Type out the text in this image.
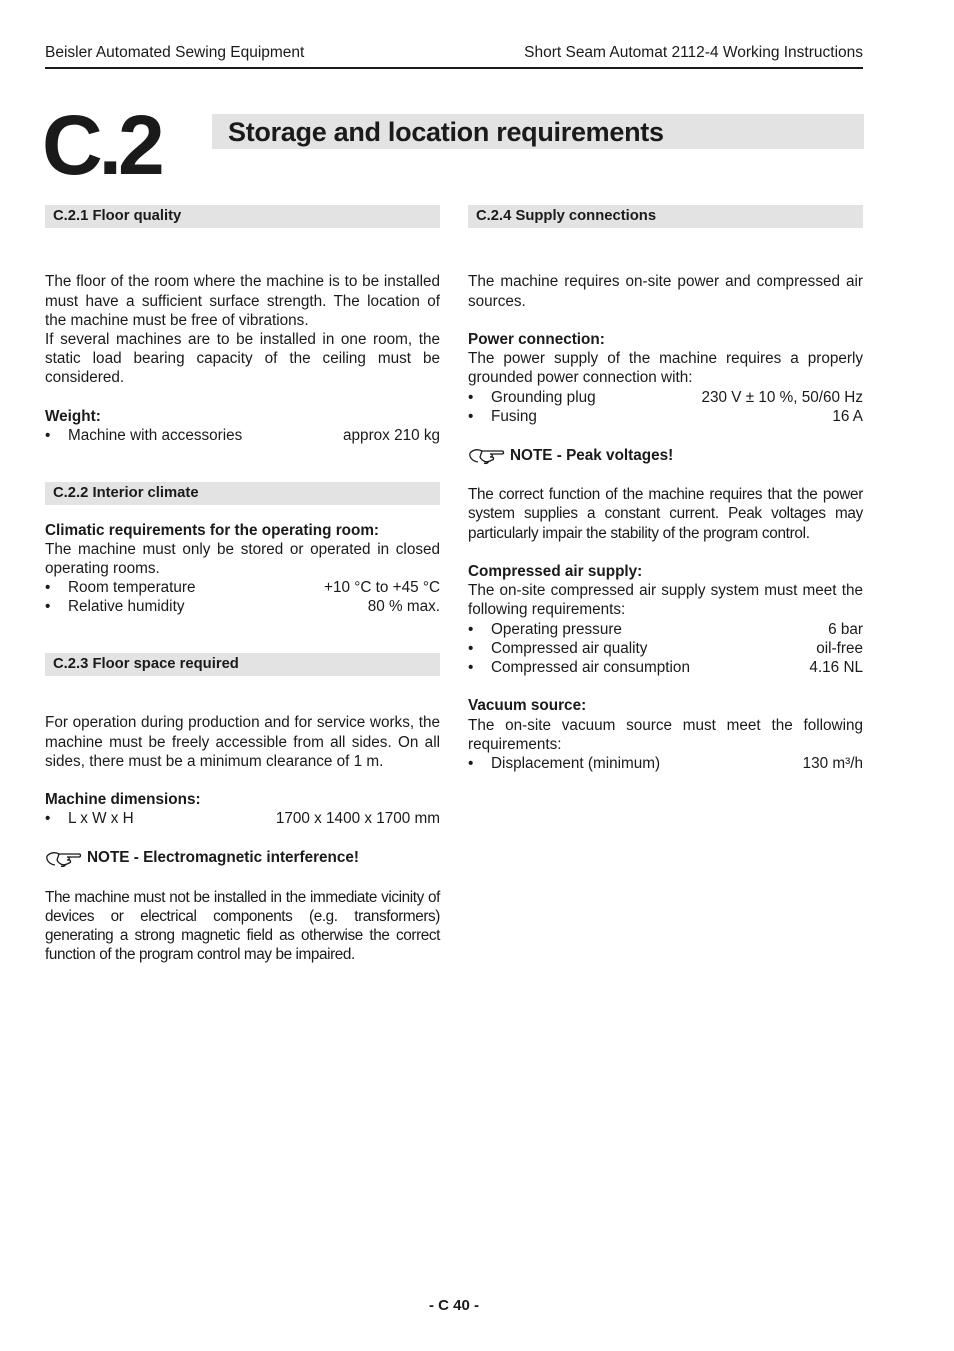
Beisler Automated Sewing Equipment	Short Seam Automat 2112-4 Working Instructions
C.2 Storage and location requirements
C.2.1 Floor quality

The floor of the room where the machine is to be installed must have a sufficient surface strength. The location of the machine must be free of vibrations.

If several machines are to be installed in one room, the static load bearing capacity of the ceiling must be considered.

Weight:

• Machine with accessories	approx 210 kg
C.2.2 Interior climate

Climatic requirements for the operating room:

The machine must only be stored or operated in closed operating rooms.

• Room temperature	+10 °C to +45 °C
• Relative humidity	80 % max.
C.2.3 Floor space required

For operation during production and for service works, the machine must be freely accessible from all sides. On all sides, there must be a minimum clearance of 1 m.

Machine dimensions:

• L x W x H	1700 x 1400 x 1700 mm
NOTE - Electromagnetic interference!

The machine must not be installed in the immediate vicinity of devices or electrical components (e.g. transformers) generating a strong magnetic field as otherwise the correct function of the program control may be impaired.

C.2.4 Supply connections

The machine requires on-site power and compressed air sources.

Power connection:

The power supply of the machine requires a properly grounded power connection with:

• Grounding plug	230 V ± 10 %, 50/60 Hz
• Fusing	16 A
NOTE - Peak voltages!

The correct function of the machine requires that the power system supplies a constant current. Peak voltages may particularly impair the stability of the program control.

Compressed air supply:

The on-site compressed air supply system must meet the following requirements:

• Operating pressure	6 bar
• Compressed air quality	oil-free
• Compressed air consumption	4.16 NL

Vacuum source:

The on-site vacuum source must meet the following requirements:

• Displacement (minimum)	130 m³/h
- C 40 -
